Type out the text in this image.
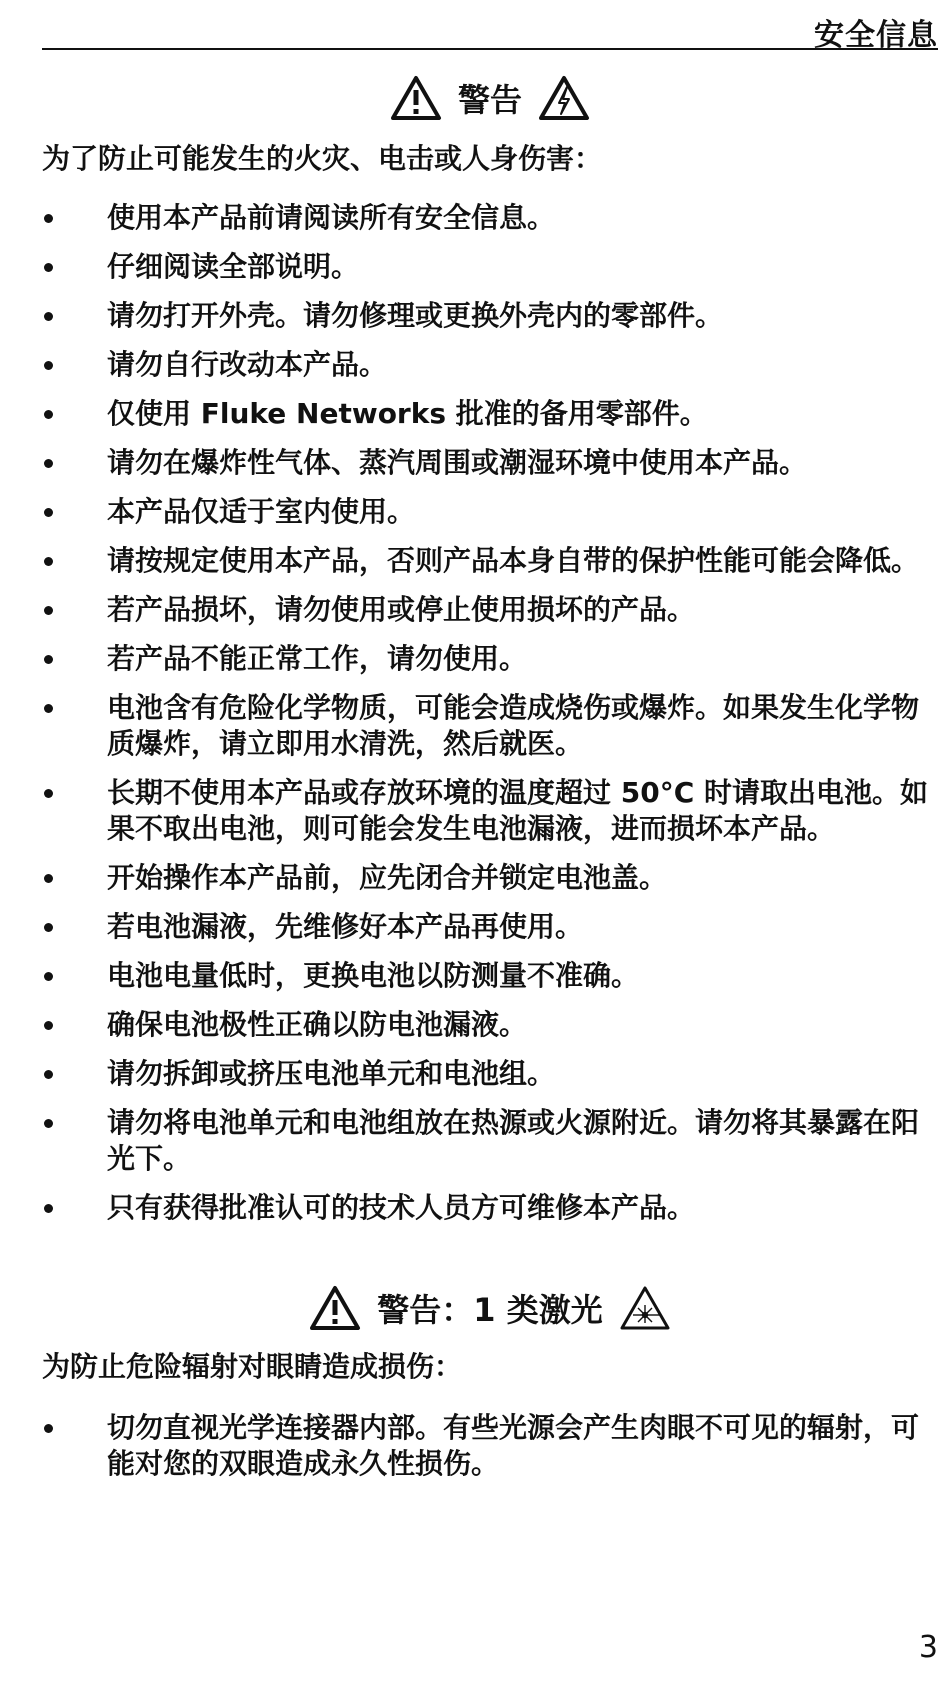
安全信息
警告
为了防止可能发生的火灾、电击或人身伤害：
使用本产品前请阅读所有安全信息。
仔细阅读全部说明。
请勿打开外壳。请勿修理或更换外壳内的零部件。
请勿自行改动本产品。
仅使用 Fluke Networks 批准的备用零部件。
请勿在爆炸性气体、蒸汽周围或潮湿环境中使用本产品。
本产品仅适于室内使用。
请按规定使用本产品，否则产品本身自带的保护性能可能会降低。
若产品损坏，请勿使用或停止使用损坏的产品。
若产品不能正常工作，请勿使用。
电池含有危险化学物质，可能会造成烧伤或爆炸。如果发生化学物质爆炸，请立即用水清洗，然后就医。
长期不使用本产品或存放环境的温度超过 50°C 时请取出电池。如果不取出电池，则可能会发生电池漏液，进而损坏本产品。
开始操作本产品前，应先闭合并锁定电池盖。
若电池漏液，先维修好本产品再使用。
电池电量低时，更换电池以防测量不准确。
确保电池极性正确以防电池漏液。
请勿拆卸或挤压电池单元和电池组。
请勿将电池单元和电池组放在热源或火源附近。请勿将其暴露在阳光下。
只有获得批准认可的技术人员方可维修本产品。
警告：1 类激光
为防止危险辐射对眼睛造成损伤：
切勿直视光学连接器内部。有些光源会产生肉眼不可见的辐射，可能对您的双眼造成永久性损伤。
3
